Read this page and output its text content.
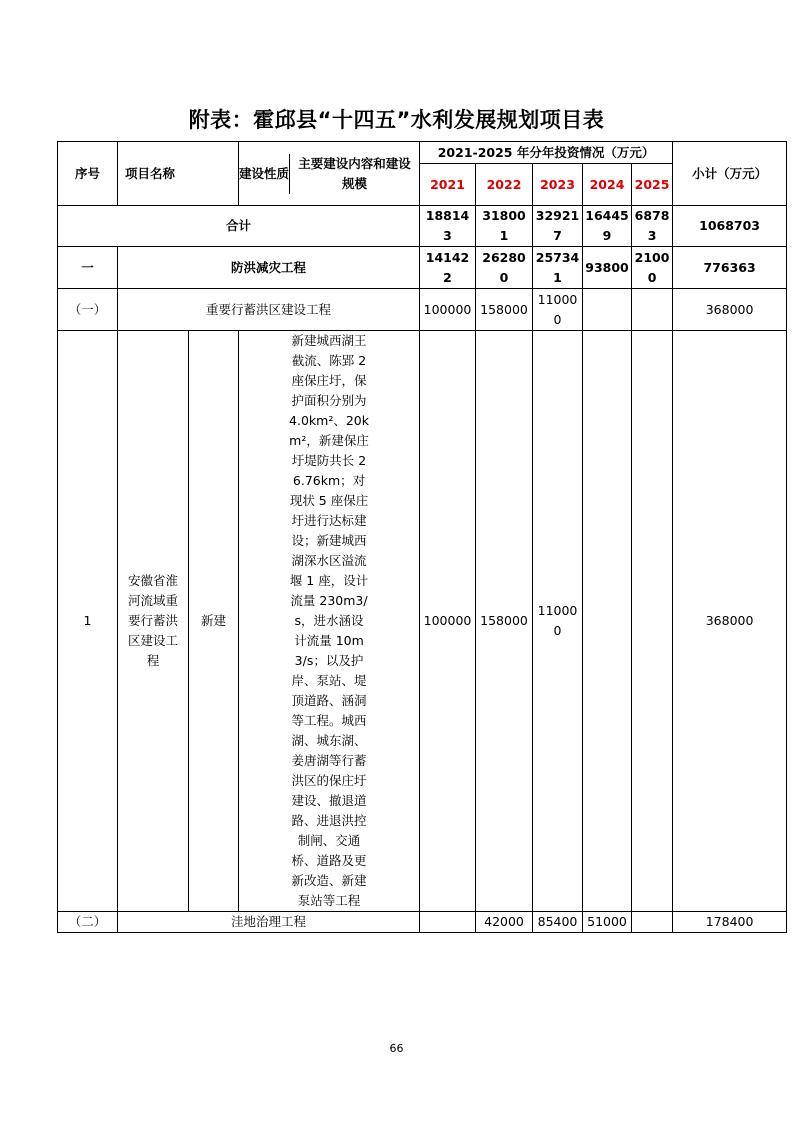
附表：霍邱县“十四五”水利发展规划项目表
序号	项目名称		建设性质
主要建设内容和建设规模	2021-2025 年分年投资情况（万元）					小计（万元）
				2021	2022	2023	2024	2025	
合计				188143	318001	329217	164459	68783	1068703
一	防洪减灾工程			141422	262800	257341	93800	21000	776363
（一）	重要行蓄洪区建设工程			100000	158000	110000			368000
1	安徽省淮河流域重要行蓄洪区建设工程	新建	新建城西湖王截流、陈郢 2 座保庄圩，保护面积分别为 4.0km²、20km²，新建保庄圩堤防共长 26.76km；对现状 5 座保庄圩进行达标建设；新建城西湖深水区溢流堰 1 座，设计流量 230m3/s，进水涵设计流量 10m3/s；以及护岸、泵站、堤顶道路、涵洞等工程。城西湖、城东湖、姜唐湖等行蓄洪区的保庄圩建设、撤退道路、进退洪控制闸、交通桥、道路及更新改造、新建泵站等工程	100000	158000	110000			368000
（二）	洼地治理工程				42000	85400	51000		178400
66
